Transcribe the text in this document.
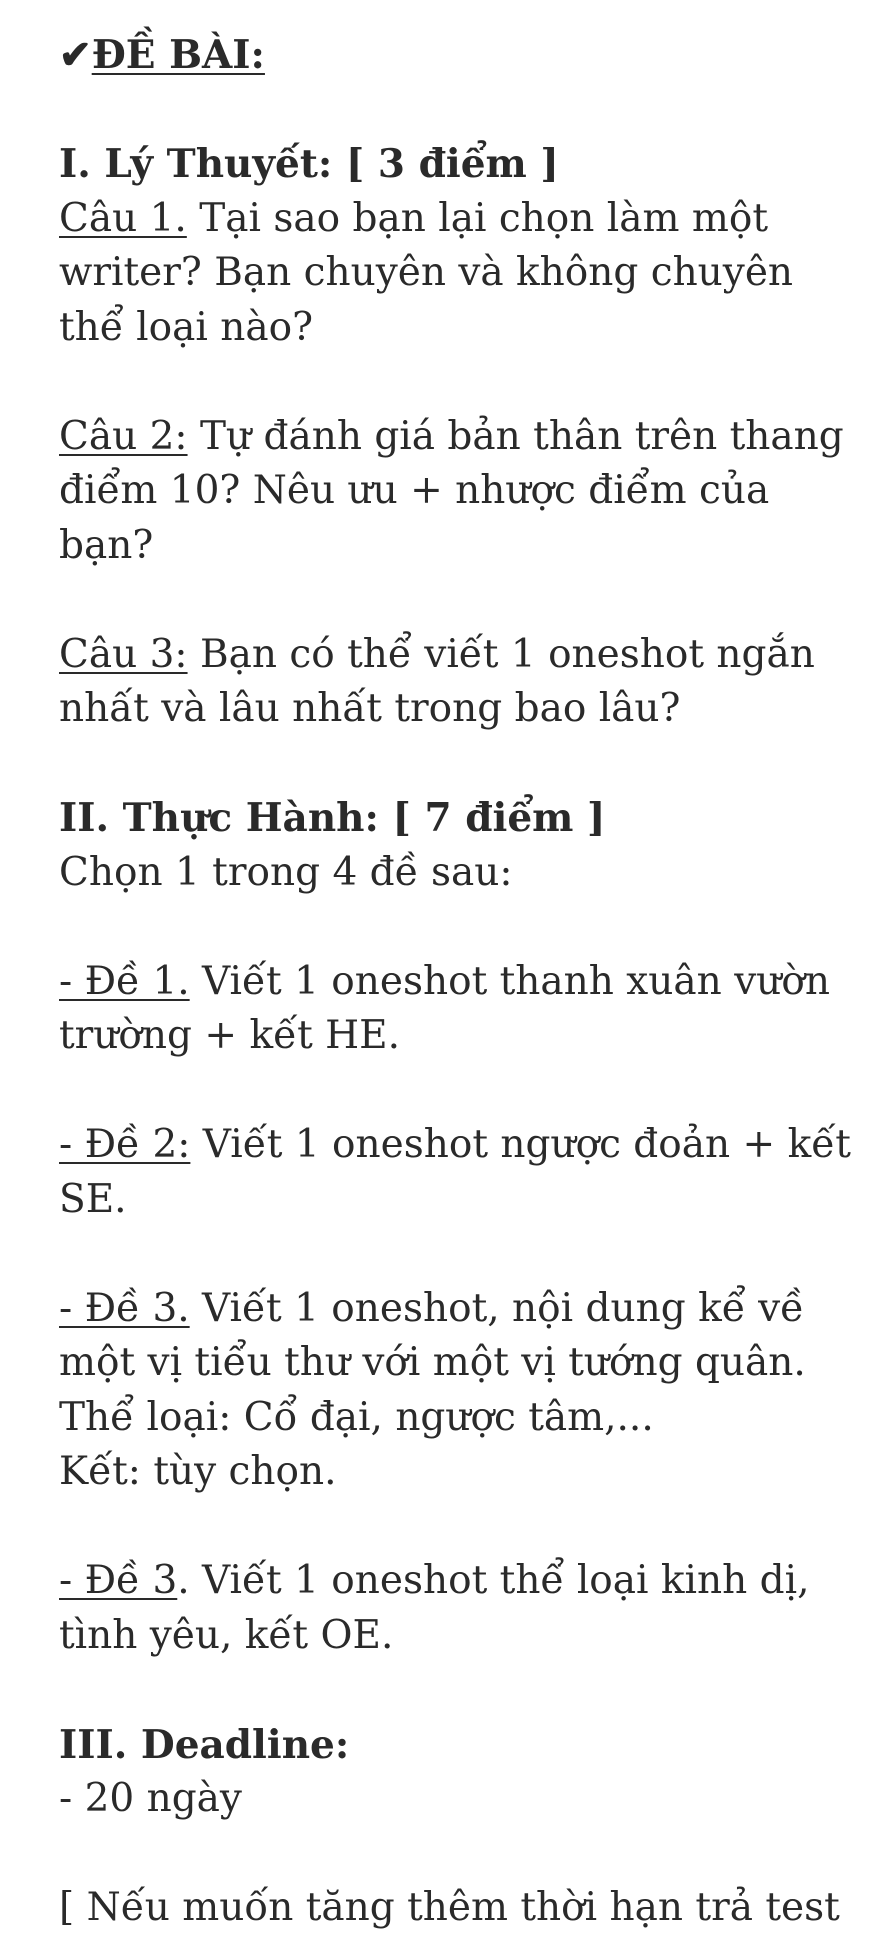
✔ĐỀ BÀI:
I. Lý Thuyết: [ 3 điểm ]
Câu 1. Tại sao bạn lại chọn làm một
writer? Bạn chuyên và không chuyên
thể loại nào?
Câu 2: Tự đánh giá bản thân trên thang
điểm 10? Nêu ưu + nhược điểm của
bạn?
Câu 3: Bạn có thể viết 1 oneshot ngắn
nhất và lâu nhất trong bao lâu?
II. Thực Hành: [ 7 điểm ]
Chọn 1 trong 4 đề sau:
- Đề 1. Viết 1 oneshot thanh xuân vườn
trường + kết HE.
- Đề 2: Viết 1 oneshot ngược đoản + kết
SE.
- Đề 3. Viết 1 oneshot, nội dung kể về
một vị tiểu thư với một vị tướng quân.
Thể loại: Cổ đại, ngược tâm,...
Kết: tùy chọn.
- Đề 3. Viết 1 oneshot thể loại kinh dị,
tình yêu, kết OE.
III. Deadline:
- 20 ngày
[ Nếu muốn tăng thêm thời hạn trả test
